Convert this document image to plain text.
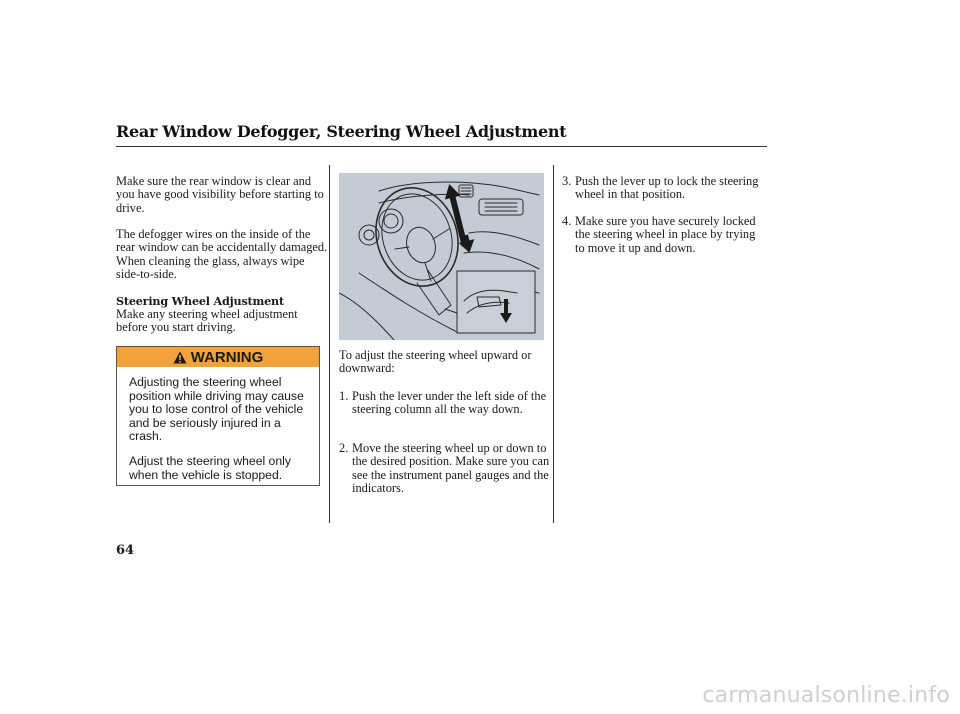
Rear Window Defogger, Steering Wheel Adjustment

Make sure the rear window is clear and you have good visibility before starting to drive.

The defogger wires on the inside of the rear window can be accidentally damaged. When cleaning the glass, always wipe side-to-side.

Steering Wheel Adjustment

Make any steering wheel adjustment before you start driving.

WARNING

Adjusting the steering wheel position while driving may cause you to lose control of the vehicle and be seriously injured in a crash.

Adjust the steering wheel only when the vehicle is stopped.

To adjust the steering wheel upward or downward:

1. Push the lever under the left side of the steering column all the way down.
2. Move the steering wheel up or down to the desired position. Make sure you can see the instrument panel gauges and the indicators.
3. Push the lever up to lock the steering wheel in that position.
4. Make sure you have securely locked the steering wheel in place by trying to move it up and down.

64

carmanualsonline.info
